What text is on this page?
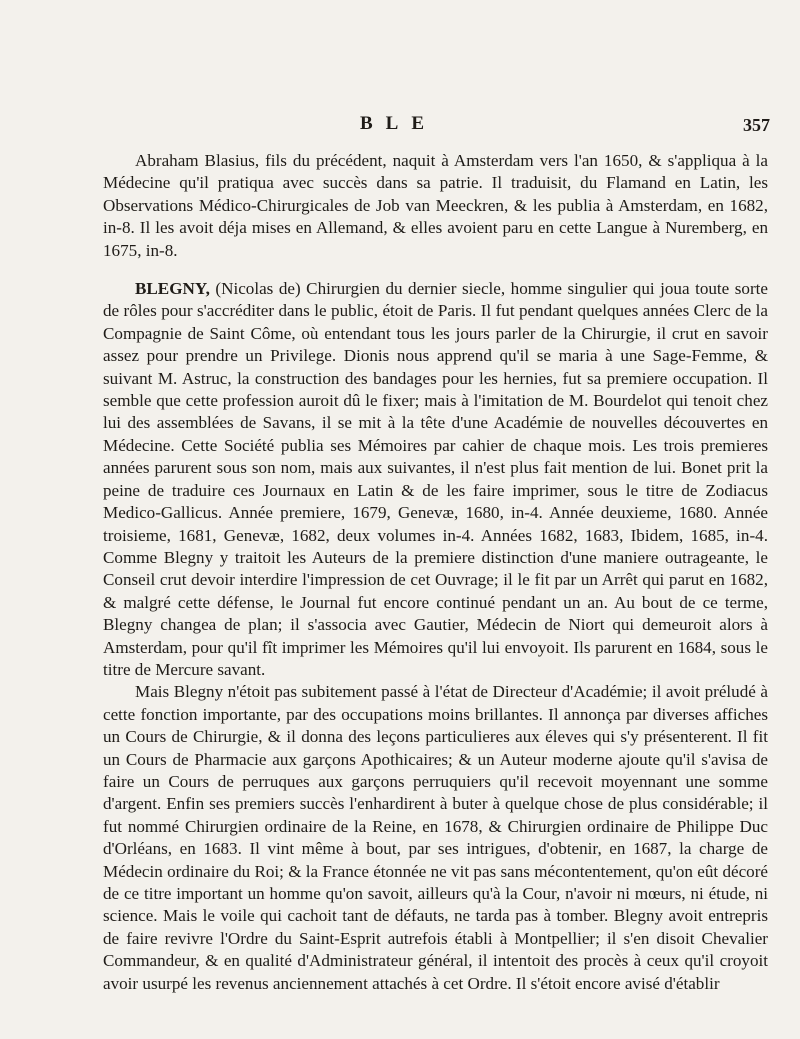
BLE	357

Abraham Blasius, fils du précédent, naquit à Amsterdam vers l'an 1650, & s'appliqua à la Médecine qu'il pratiqua avec succès dans sa patrie. Il traduisit, du Flamand en Latin, les Observations Médico-Chirurgicales de Job van Meeckren, & les publia à Amsterdam, en 1682, in-8. Il les avoit déja mises en Allemand, & elles avoient paru en cette Langue à Nuremberg, en 1675, in-8.

BLEGNY, (Nicolas de) Chirurgien du dernier siecle, homme singulier qui joua toute sorte de rôles pour s'accréditer dans le public, étoit de Paris. Il fut pendant quelques années Clerc de la Compagnie de Saint Côme, où entendant tous les jours parler de la Chirurgie, il crut en savoir assez pour prendre un Privilege. Dionis nous apprend qu'il se maria à une Sage-Femme, & suivant M. Astruc, la construction des bandages pour les hernies, fut sa premiere occupation. Il semble que cette profession auroit dû le fixer; mais à l'imitation de M. Bourdelot qui tenoit chez lui des assemblées de Savans, il se mit à la tête d'une Académie de nouvelles découvertes en Médecine. Cette Société publia ses Mémoires par cahier de chaque mois. Les trois premieres années parurent sous son nom, mais aux suivantes, il n'est plus fait mention de lui. Bonet prit la peine de traduire ces Journaux en Latin & de les faire imprimer, sous le titre de Zodiacus Medico-Gallicus. Année premiere, 1679, Genevæ, 1680, in-4. Année deuxieme, 1680. Année troisieme, 1681, Genevæ, 1682, deux volumes in-4. Années 1682, 1683, Ibidem, 1685, in-4. Comme Blegny y traitoit les Auteurs de la premiere distinction d'une maniere outrageante, le Conseil crut devoir interdire l'impression de cet Ouvrage; il le fit par un Arrêt qui parut en 1682, & malgré cette défense, le Journal fut encore continué pendant un an. Au bout de ce terme, Blegny changea de plan; il s'associa avec Gautier, Médecin de Niort qui demeuroit alors à Amsterdam, pour qu'il fît imprimer les Mémoires qu'il lui envoyoit. Ils parurent en 1684, sous le titre de Mercure savant.

Mais Blegny n'étoit pas subitement passé à l'état de Directeur d'Académie; il avoit préludé à cette fonction importante, par des occupations moins brillantes. Il annonça par diverses affiches un Cours de Chirurgie, & il donna des leçons particulieres aux éleves qui s'y présenterent. Il fit un Cours de Pharmacie aux garçons Apothicaires; & un Auteur moderne ajoute qu'il s'avisa de faire un Cours de perruques aux garçons perruquiers qu'il recevoit moyennant une somme d'argent. Enfin ses premiers succès l'enhardirent à buter à quelque chose de plus considérable; il fut nommé Chirurgien ordinaire de la Reine, en 1678, & Chirurgien ordinaire de Philippe Duc d'Orléans, en 1683. Il vint même à bout, par ses intrigues, d'obtenir, en 1687, la charge de Médecin ordinaire du Roi; & la France étonnée ne vit pas sans mécontentement, qu'on eût décoré de ce titre important un homme qu'on savoit, ailleurs qu'à la Cour, n'avoir ni mœurs, ni étude, ni science. Mais le voile qui cachoit tant de défauts, ne tarda pas à tomber. Blegny avoit entrepris de faire revivre l'Ordre du Saint-Esprit autrefois établi à Montpellier; il s'en disoit Chevalier Commandeur, & en qualité d'Administrateur général, il intentoit des procès à ceux qu'il croyoit avoir usurpé les revenus anciennement attachés à cet Ordre. Il s'étoit encore avisé d'établir
